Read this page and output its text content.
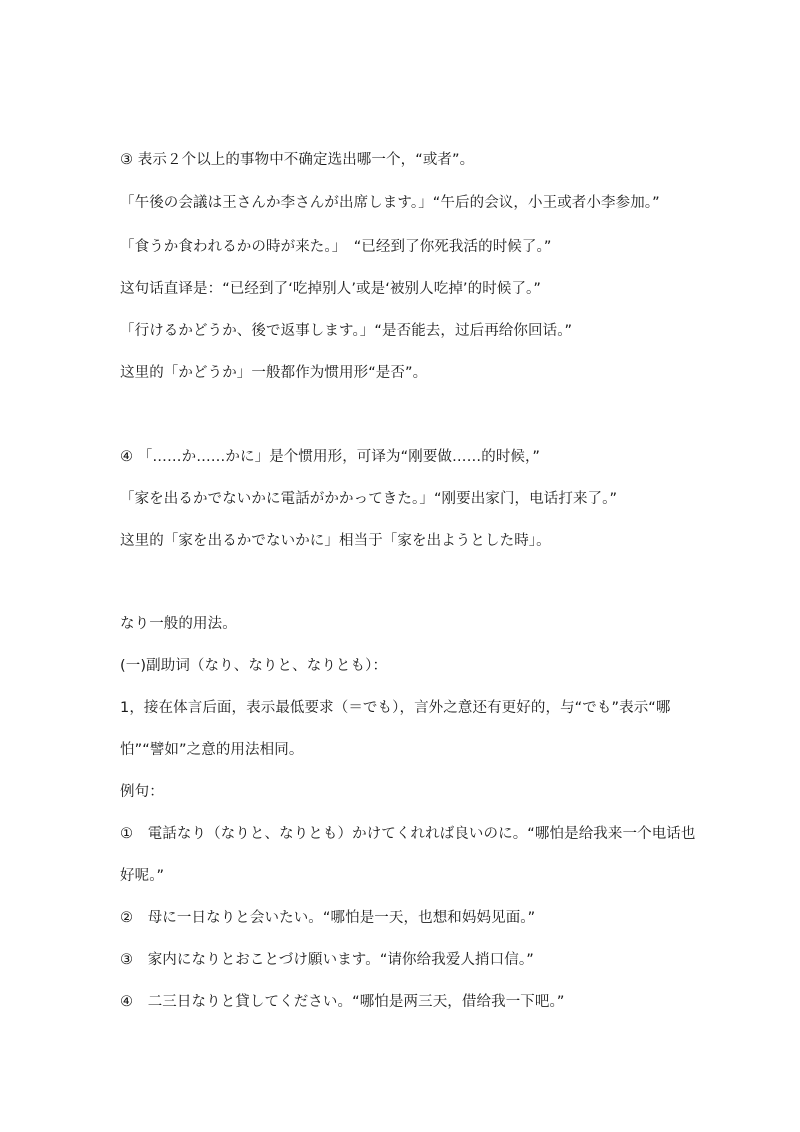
③ 表示２个以上的事物中不确定选出哪一个，“或者”。
「午後の会議は王さんか李さんが出席します。」“午后的会议，小王或者小李参加。”
「食うか食われるかの時が来た。」　“已经到了你死我活的时候了。”
这句话直译是：“已经到了‘吃掉别人’或是‘被别人吃掉’的时候了。”
「行けるかどうか、後で返事します。」“是否能去，过后再给你回话。”
这里的「かどうか」一般都作为惯用形“是否”。
④ 「……か……かに」是个惯用形，可译为“刚要做……的时候，”
「家を出るかでないかに電話がかかってきた。」“刚要出家门，电话打来了。”
这里的「家を出るかでないかに」相当于「家を出ようとした時」。
なり一般的用法。
(一)副助词（なり、なりと、なりとも）：
1，接在体言后面，表示最低要求（＝でも），言外之意还有更好的，与“でも”表示“哪
怕”“譬如”之意的用法相同。
例句：
①　電話なり（なりと、なりとも）かけてくれれば良いのに。“哪怕是给我来一个电话也
好呢。”
②　母に一日なりと会いたい。“哪怕是一天，也想和妈妈见面。”
③　家内になりとおことづけ願います。“请你给我爱人捎口信。”
④　二三日なりと貸してください。“哪怕是两三天，借给我一下吧。”
